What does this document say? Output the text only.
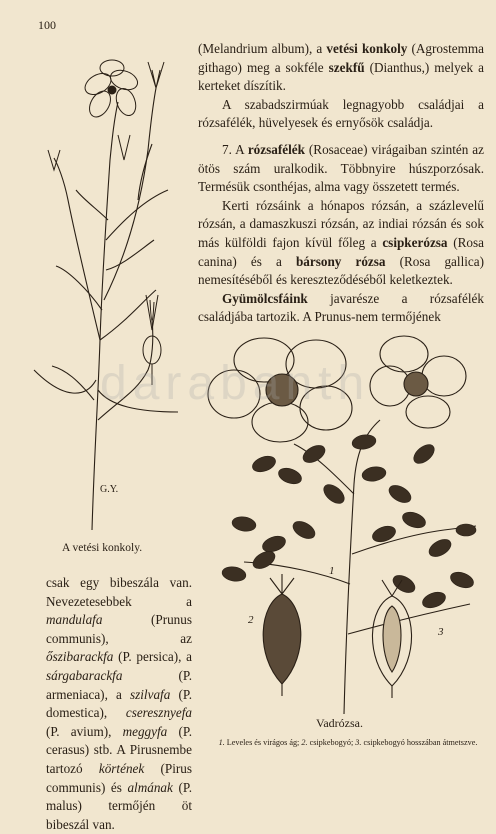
100

(Melandrium album), a vetési konkoly (Agrostemma githago) meg a sokféle szekfű (Dianthus,) melyek a kerteket díszítik.

A szabadszirmúak legnagyobb családjai a rózsafélék, hüvelyesek és ernyősök családja.

7. A rózsafélék (Rosaceae) virágaiban szintén az ötös szám uralkodik. Többnyire húszporzósak. Termésük csonthéjas, alma vagy összetett termés.

Kerti rózsáink a hónapos rózsán, a százlevelű rózsán, a damaszkuszi rózsán, az indiai rózsán és sok más külföldi fajon kívül főleg a csipkerózsa (Rosa canina) és a bársony rózsa (Rosa gallica) nemesítéséből és kereszteződéséből keletkeztek.

Gyümölcsfáink javarésze a rózsafélék családjába tartozik. A Prunus-nem termőjének

A vetési konkoly.
G.Y.
csak egy bibeszála van. Nevezetesebbek a mandulafa (Prunus communis), az őszibarackfa (P. persica), a sárgabarackfa (P. armeniaca), a szilvafa (P. domestica), cseresznyefa (P. avium), meggyfa (P. cerasus) stb. A Pirusnembe tartozó körtének (Pirus communis) és almának (P. malus) termőjén öt bibeszál van.
1
2
3
Vadrózsa.
1. Leveles és virágos ág; 2. csipkebogyó; 3. csipkebogyó hosszában átmetszve.
darabanth
